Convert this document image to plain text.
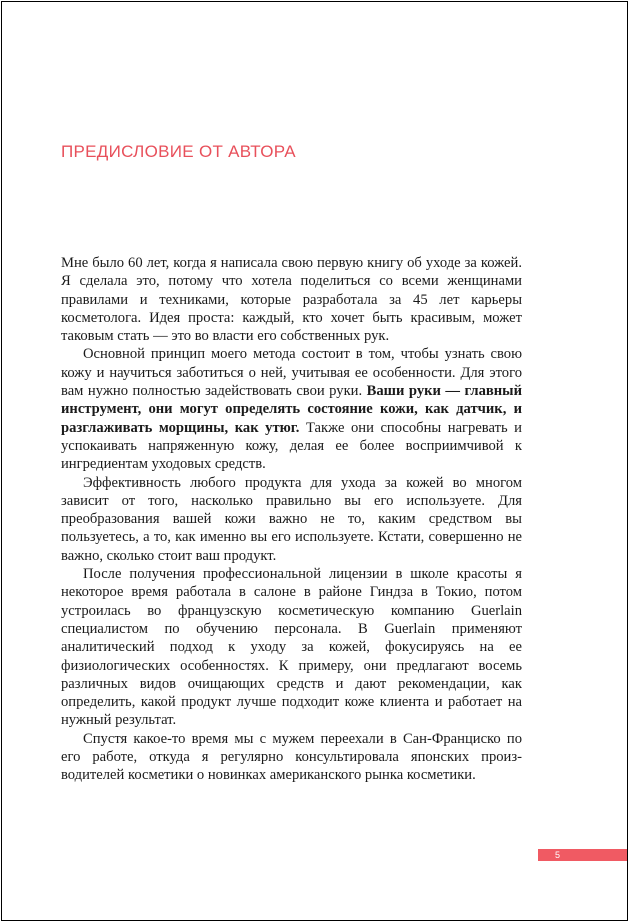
ПРЕДИСЛОВИЕ ОТ АВТОРА

Мне было 60 лет, когда я написала свою первую книгу об уходе за кожей. Я сделала это, потому что хотела поделиться со всеми женщинами правилами и техниками, которые разработала за 45 лет карьеры косметолога. Идея проста: каждый, кто хочет быть красивым, может таковым стать — это во власти его собственных рук.

Основной принцип моего метода состоит в том, чтобы узнать свою кожу и научиться заботиться о ней, учитывая ее особенности. Для этого вам нужно полностью задействовать свои руки. Ваши руки — главный инструмент, они могут определять состояние кожи, как датчик, и разглаживать морщины, как утюг. Также они способны нагревать и успокаивать напряженную кожу, делая ее более восприимчивой к ингредиентам уходовых средств.

Эффективность любого продукта для ухода за кожей во многом зависит от того, насколько правильно вы его используете. Для преобразования вашей кожи важно не то, каким средством вы пользуетесь, а то, как именно вы его используете. Кстати, совершенно не важно, сколько стоит ваш продукт.

После получения профессиональной лицензии в школе красоты я некоторое время работала в салоне в районе Гиндза в Токио, потом устроилась во французскую косметическую компанию Guerlain специалистом по обучению персонала. В Guerlain применяют аналитический подход к уходу за кожей, фокусируясь на ее физиологических особенностях. К примеру, они предлагают восемь различных видов очищающих средств и дают рекомендации, как определить, какой продукт лучше подходит коже клиента и работает на нужный результат.

Спустя какое-то время мы с мужем переехали в Сан-Франциско по его работе, откуда я регулярно консультировала японских производителей косметики о новинках американского рынка косметики.

5
